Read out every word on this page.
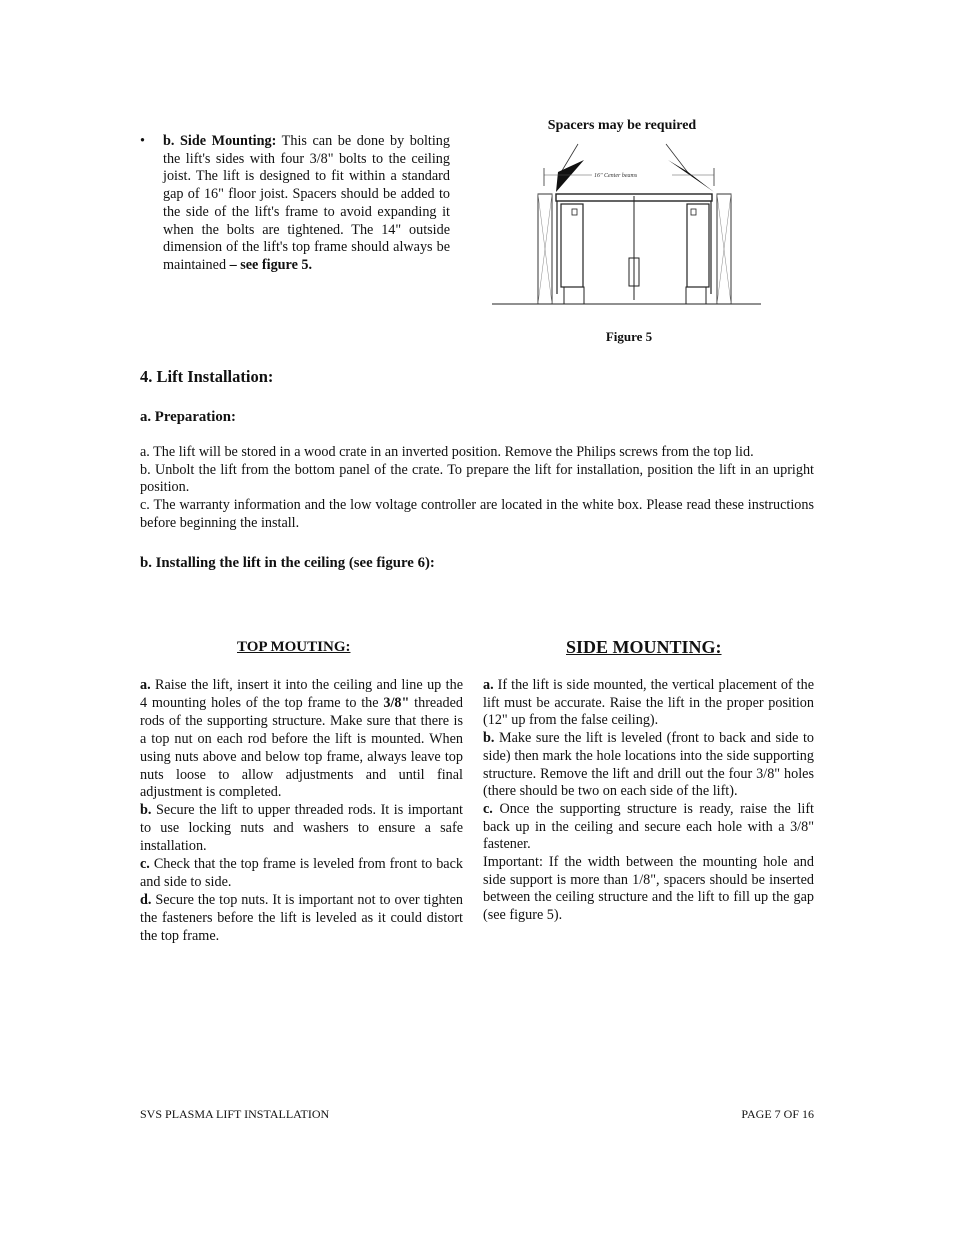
• b. Side Mounting: This can be done by bolting the lift's sides with four 3/8" bolts to the ceiling joist. The lift is designed to fit within a standard gap of 16" floor joist. Spacers should be added to the side of the lift's frame to avoid expanding it when the bolts are tightened. The 14" outside dimension of the lift's top frame should always be maintained – see figure 5.

Spacers may be required
16" Center beams
Figure 5
4. Lift Installation:
a. Preparation:

a. The lift will be stored in a wood crate in an inverted position. Remove the Philips screws from the top lid.

b. Unbolt the lift from the bottom panel of the crate. To prepare the lift for installation, position the lift in an upright position.

c. The warranty information and the low voltage controller are located in the white box. Please read these instructions before beginning the install.

b. Installing the lift in the ceiling (see figure 6):
TOP MOUTING:	SIDE MOUNTING:

a. Raise the lift, insert it into the ceiling and line up the 4 mounting holes of the top frame to the 3/8" threaded rods of the supporting structure. Make sure that there is a top nut on each rod before the lift is mounted. When using nuts above and below top frame, always leave top nuts loose to allow adjustments and until final adjustment is completed.

b. Secure the lift to upper threaded rods. It is important to use locking nuts and washers to ensure a safe installation.

c. Check that the top frame is leveled from front to back and side to side.

d. Secure the top nuts. It is important not to over tighten the fasteners before the lift is leveled as it could distort the top frame.

a. If the lift is side mounted, the vertical placement of the lift must be accurate. Raise the lift in the proper position (12" up from the false ceiling).

b. Make sure the lift is leveled (front to back and side to side) then mark the hole locations into the side supporting structure. Remove the lift and drill out the four 3/8" holes (there should be two on each side of the lift).

c. Once the supporting structure is ready, raise the lift back up in the ceiling and secure each hole with a 3/8" fastener.

Important: If the width between the mounting hole and side support is more than 1/8", spacers should be inserted between the ceiling structure and the lift to fill up the gap (see figure 5).

SVS PLASMA LIFT INSTALLATION	PAGE 7 OF 16
